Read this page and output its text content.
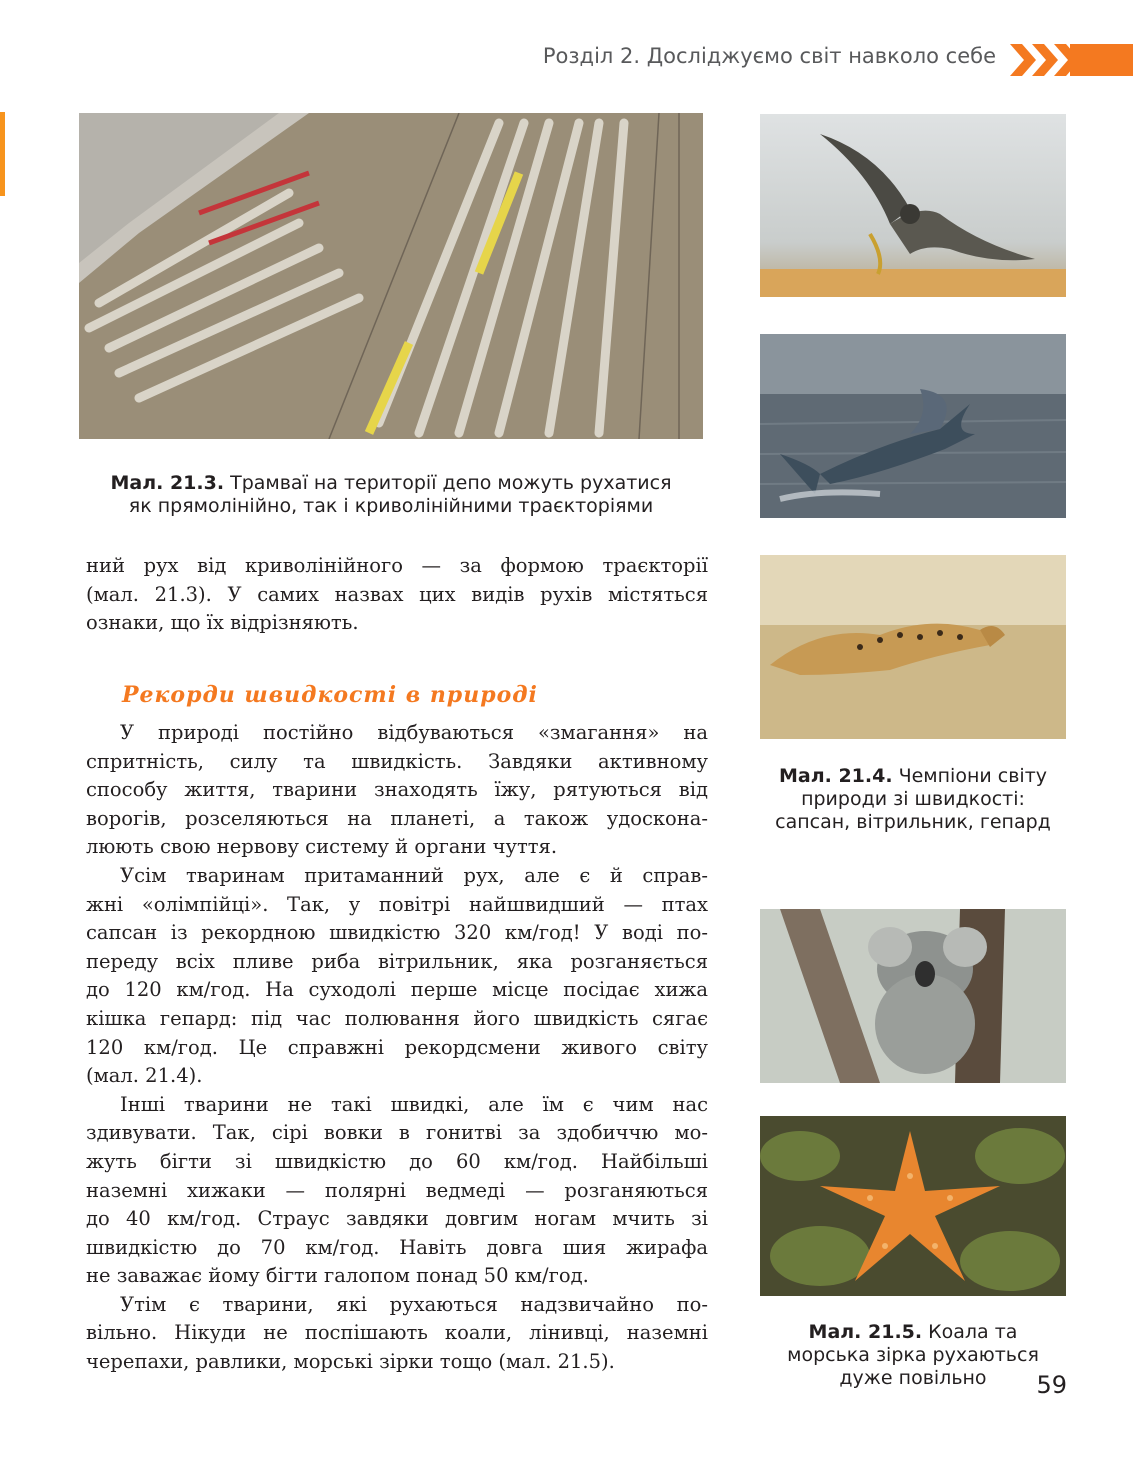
Розділ 2. Досліджуємо світ навколо себе
Мал. 21.3. Трамваї на території депо можуть рухатися
як прямолінійно, так і криволінійними траєкторіями
Мал. 21.4. Чемпіони світу
природи зі швидкості:
сапсан, вітрильник, гепард
Мал. 21.5. Коала та
морська зірка рухаються
дуже повільно
ний рух від криволінійного — за формою траєкторії
(мал. 21.3). У самих назвах цих видів рухів містяться
ознаки, що їх відрізняють.
Рекорди швидкості в природі
У природі постійно відбуваються «змагання» на
спритність, силу та швидкість. Завдяки активному
способу життя, тварини знаходять їжу, рятуються від
ворогів, розселяються на планеті, а також удоскона-
люють свою нервову систему й органи чуття.
Усім тваринам притаманний рух, але є й справ-
жні «олімпійці». Так, у повітрі найшвидший — птах
сапсан із рекордною швидкістю 320 км/год! У воді по-
переду всіх пливе риба вітрильник, яка розганяється
до 120 км/год. На суходолі перше місце посідає хижа
кішка гепард: під час полювання його швидкість сягає
120 км/год. Це справжні рекордсмени живого світу
(мал. 21.4).
Інші тварини не такі швидкі, але їм є чим нас
здивувати. Так, сірі вовки в гонитві за здобиччю мо-
жуть бігти зі швидкістю до 60 км/год. Найбільші
наземні хижаки — полярні ведмеді — розганяються
до 40 км/год. Страус завдяки довгим ногам мчить зі
швидкістю до 70 км/год. Навіть довга шия жирафа
не заважає йому бігти галопом понад 50 км/год.
Утім є тварини, які рухаються надзвичайно по-
вільно. Нікуди не поспішають коали, лінивці, наземні
черепахи, равлики, морські зірки тощо (мал. 21.5).
59
